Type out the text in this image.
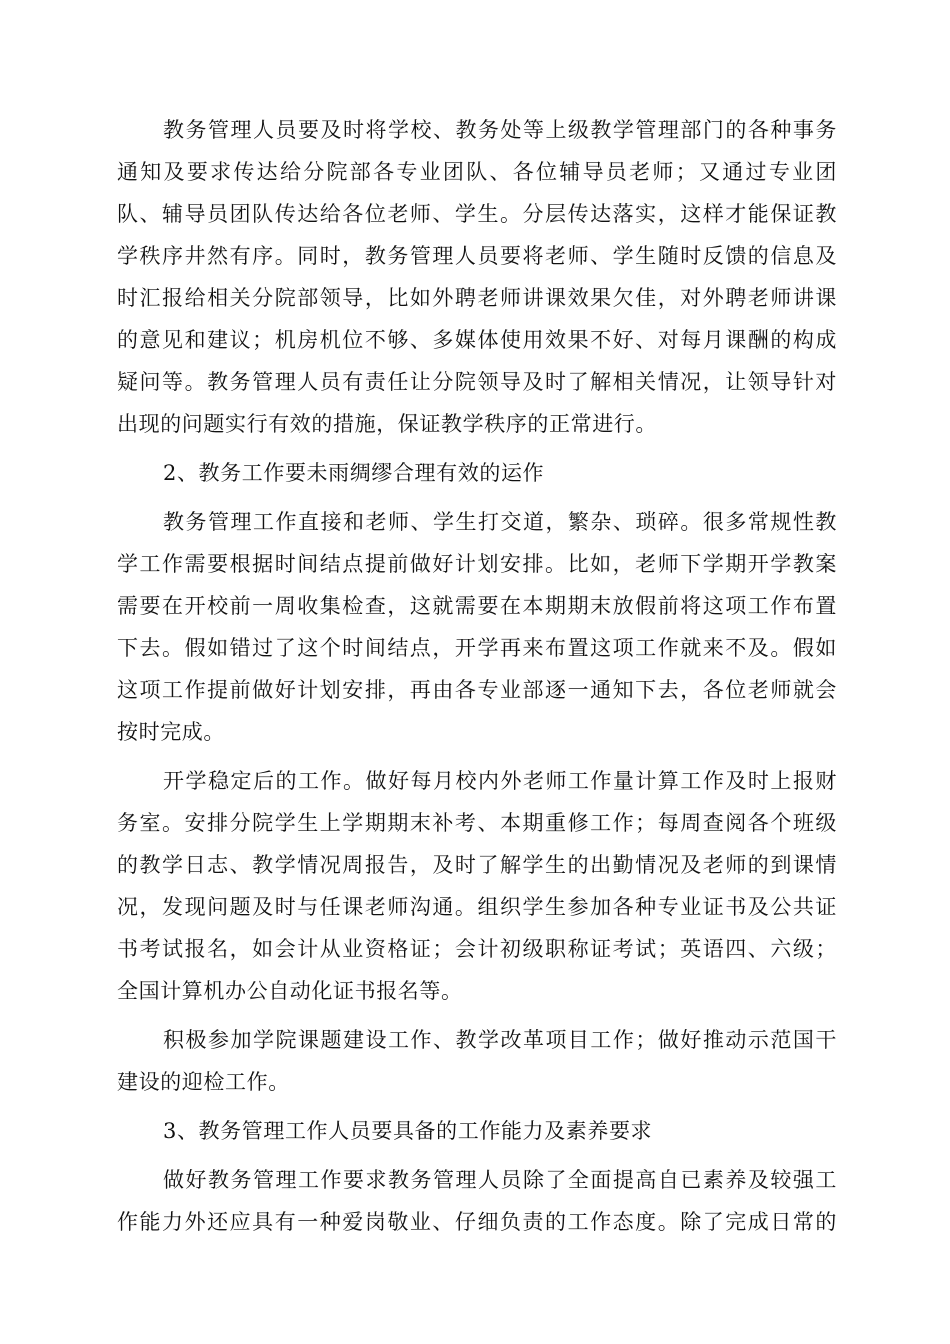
教务管理人员要及时将学校、教务处等上级教学管理部门的各种事务
通知及要求传达给分院部各专业团队、各位辅导员老师；又通过专业团
队、辅导员团队传达给各位老师、学生。分层传达落实，这样才能保证教
学秩序井然有序。同时，教务管理人员要将老师、学生随时反馈的信息及
时汇报给相关分院部领导，比如外聘老师讲课效果欠佳，对外聘老师讲课
的意见和建议；机房机位不够、多媒体使用效果不好、对每月课酬的构成
疑问等。教务管理人员有责任让分院领导及时了解相关情况，让领导针对
出现的问题实行有效的措施，保证教学秩序的正常进行。
2、教务工作要未雨绸缪合理有效的运作
教务管理工作直接和老师、学生打交道，繁杂、琐碎。很多常规性教
学工作需要根据时间结点提前做好计划安排。比如，老师下学期开学教案
需要在开校前一周收集检查，这就需要在本期期末放假前将这项工作布置
下去。假如错过了这个时间结点，开学再来布置这项工作就来不及。假如
这项工作提前做好计划安排，再由各专业部逐一通知下去，各位老师就会
按时完成。
开学稳定后的工作。做好每月校内外老师工作量计算工作及时上报财
务室。安排分院学生上学期期末补考、本期重修工作；每周查阅各个班级
的教学日志、教学情况周报告，及时了解学生的出勤情况及老师的到课情
况，发现问题及时与任课老师沟通。组织学生参加各种专业证书及公共证
书考试报名，如会计从业资格证；会计初级职称证考试；英语四、六级；
全国计算机办公自动化证书报名等。
积极参加学院课题建设工作、教学改革项目工作；做好推动示范国干
建设的迎检工作。
3、教务管理工作人员要具备的工作能力及素养要求
做好教务管理工作要求教务管理人员除了全面提高自已素养及较强工
作能力外还应具有一种爱岗敬业、仔细负责的工作态度。除了完成日常的
